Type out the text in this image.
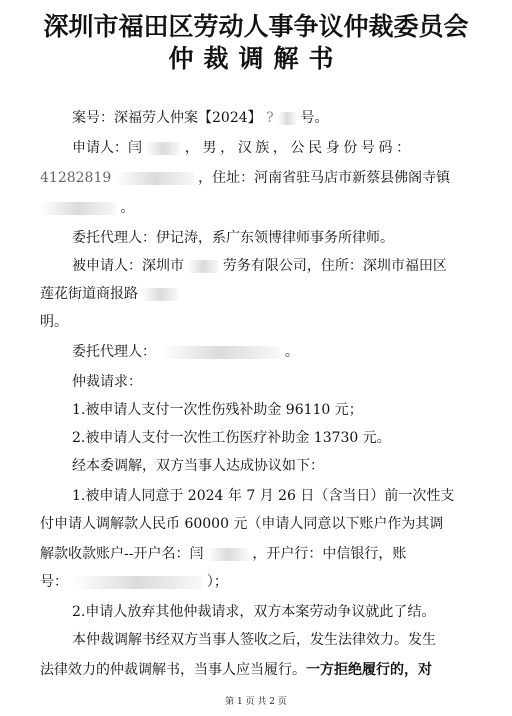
深圳市福田区劳动人事争议仲裁委员会
仲裁调解书
案号：深福劳人仲案【2024】 ? 号。
申请人：闫	，男，汉族，公民身份号码：
41282819	，住址：河南省驻马店市新蔡县佛阁寺镇
。
委托代理人：伊记涛，系广东领博律师事务所律师。
被申请人：深圳市	劳务有限公司，住所：深圳市福田区
莲花街道商报路
明。
委托代理人：	。
仲裁请求：
1.被申请人支付一次性伤残补助金 96110 元；
2.被申请人支付一次性工伤医疗补助金 13730 元。
经本委调解，双方当事人达成协议如下：
1.被申请人同意于 2024 年 7 月 26 日（含当日）前一次性支
付申请人调解款人民币 60000 元（申请人同意以下账户作为其调
解款收款账户--开户名：闫	，开户行：中信银行，账
号：	）；
2.申请人放弃其他仲裁请求，双方本案劳动争议就此了结。
本仲裁调解书经双方当事人签收之后，发生法律效力。发生
法律效力的仲裁调解书，当事人应当履行。一方拒绝履行的，对
第 1 页 共 2 页
